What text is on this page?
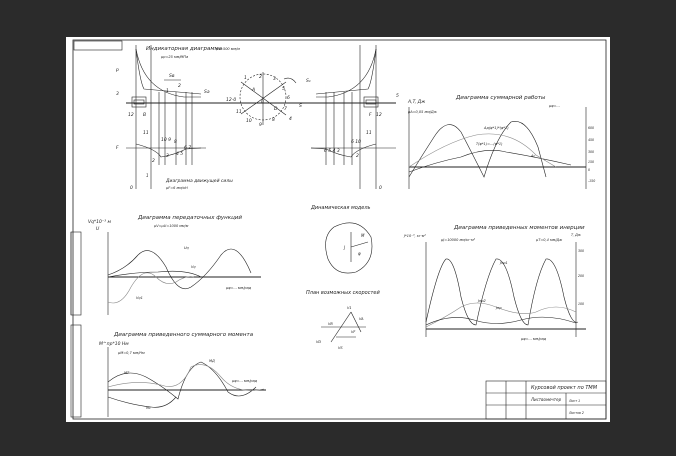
Индикаторная диаграмма
μp=25 мм/МПа
μs=500 мм/м
p
F
3
12 B
11
10 9 8
2
3 4 5
6 7
0
1
Sв
Sа
1
2
12-0
1	2 3
5
6
7
8
9
10
11
A
0
D
4
S
5
F 12
11
6 10
6 5 4 3
2
0
S₁
Диаграмма движущей силы
μF=6 мм/кН
Диаграмма суммарной работы
A,T, Дж
μA=0,05 мм/Дж
μφ=...
Aд(φ*1)*(φ*1)
T(φ*1)=...(φ*1)
Ac
600
450
300
150
0
-150
Диаграмма передаточных функций
μV=μU=1000 мм/м
Vq*10⁻³ м
U
Uq
Vq
Vq1
μφ=... мм/рад
Динамическая модель
M
J
φ
План возможных скоростей
V1
VA
VB
VD
VF
VS
Диаграмма приведенных моментов инерции
J*10⁻³, кг·м²
μJ=10000 мм/кг·м²	μT=0,4 мм/Дж
T, Дж
Jпр1
Jпр2
Jпр
300
200
100
μφ=... мм/рад
Диаграмма приведенного суммарного момента
M^пр*10 Нм
μM=0,7 мм/Нм
MT
Mc
MД
μφ=... мм/рад
Курсовой проект по ТММ
Листвомечтер	Лист 1
Листов 2
